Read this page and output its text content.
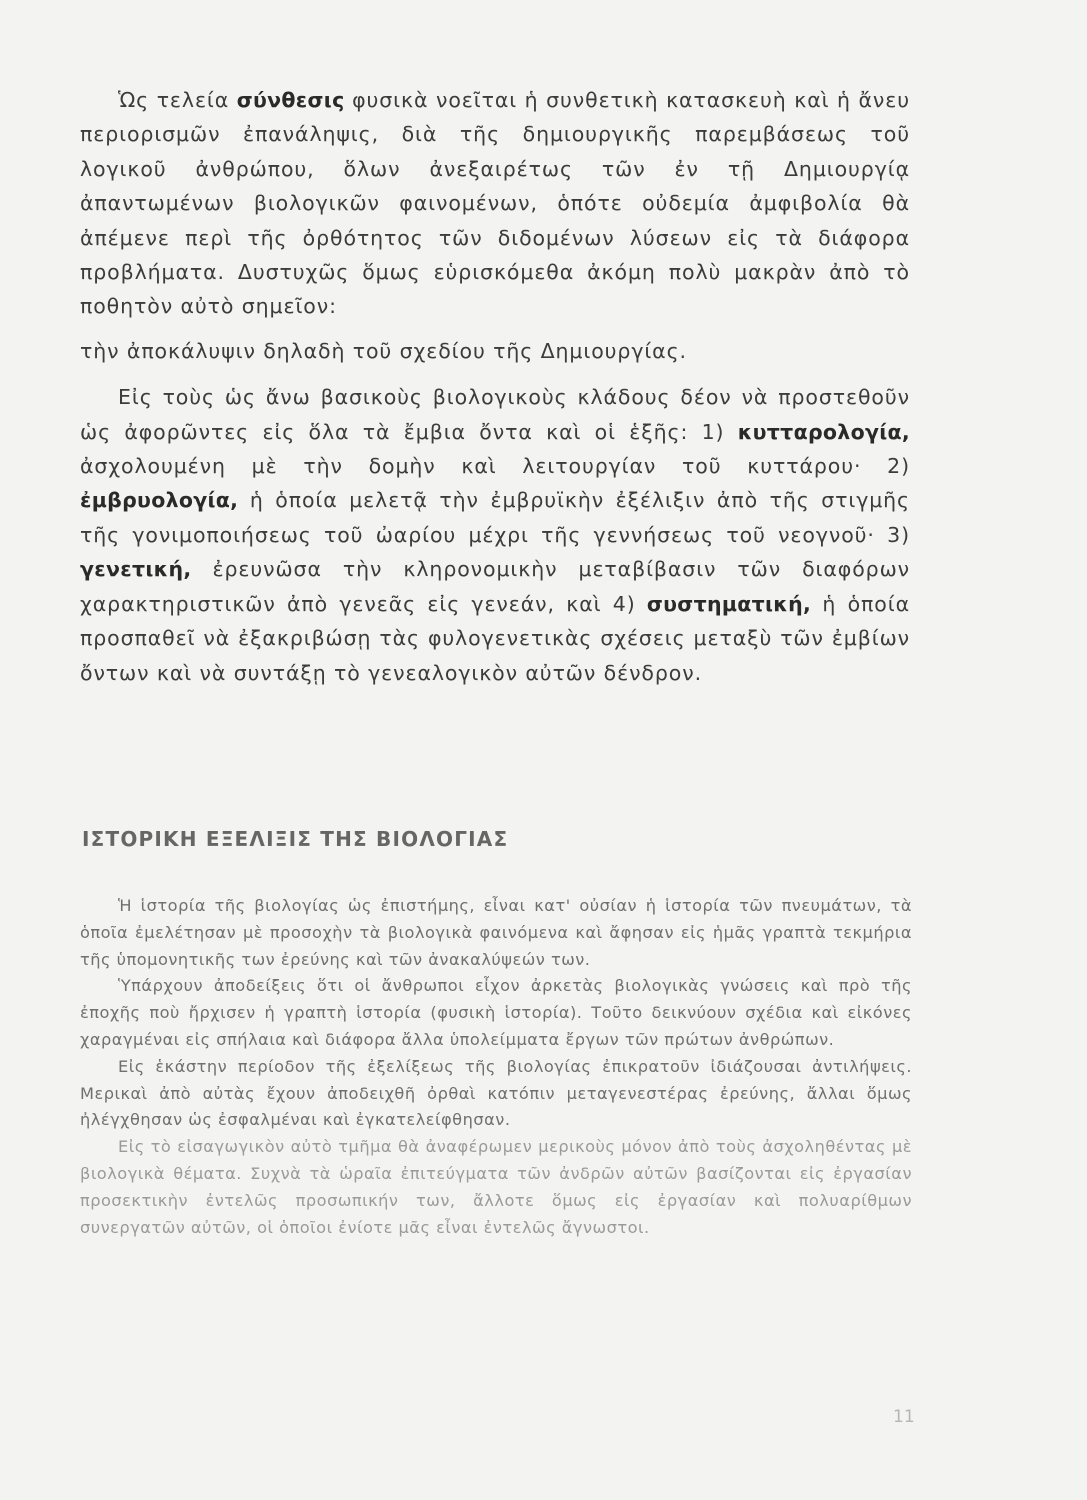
Ὡς τελεία σύνθεσις φυσικὰ νοεῖται ἡ συνθετικὴ κατασκευὴ καὶ ἡ ἄνευ περιορισμῶν ἐπανάληψις, διὰ τῆς δημιουργικῆς παρεμβάσεως τοῦ λογικοῦ ἀνθρώπου, ὅλων ἀνεξαιρέτως τῶν ἐν τῇ Δημιουργίᾳ ἀπαντωμένων βιολογικῶν φαινομένων, ὁπότε οὐδεμία ἀμφιβολία θὰ ἀπέμενε περὶ τῆς ὀρθότητος τῶν διδομένων λύσεων εἰς τὰ διάφορα προβλήματα. Δυστυχῶς ὅμως εὑρισκόμεθα ἀκόμη πολὺ μακρὰν ἀπὸ τὸ ποθητὸν αὐτὸ σημεῖον:

τὴν ἀποκάλυψιν δηλαδὴ τοῦ σχεδίου τῆς Δημιουργίας.

Εἰς τοὺς ὡς ἄνω βασικοὺς βιολογικοὺς κλάδους δέον νὰ προστεθοῦν ὡς ἀφορῶντες εἰς ὅλα τὰ ἔμβια ὄντα καὶ οἱ ἑξῆς: 1) κυτταρολογία, ἀσχολουμένη μὲ τὴν δομὴν καὶ λειτουργίαν τοῦ κυττάρου· 2) ἐμβρυολογία, ἡ ὁποία μελετᾷ τὴν ἐμβρυϊκὴν ἐξέλιξιν ἀπὸ τῆς στιγμῆς τῆς γονιμοποιήσεως τοῦ ὠαρίου μέχρι τῆς γεννήσεως τοῦ νεογνοῦ· 3) γενετική, ἐρευνῶσα τὴν κληρονομικὴν μεταβίβασιν τῶν διαφόρων χαρακτηριστικῶν ἀπὸ γενεᾶς εἰς γενεάν, καὶ 4) συστηματική, ἡ ὁποία προσπαθεῖ νὰ ἐξακριβώσῃ τὰς φυλογενετικὰς σχέσεις μεταξὺ τῶν ἐμβίων ὄντων καὶ νὰ συντάξῃ τὸ γενεαλογικὸν αὐτῶν δένδρον.

ΙΣΤΟΡΙΚΗ ΕΞΕΛΙΞΙΣ ΤΗΣ ΒΙΟΛΟΓΙΑΣ

Ἡ ἱστορία τῆς βιολογίας ὡς ἐπιστήμης, εἶναι κατ' οὐσίαν ἡ ἱστορία τῶν πνευμάτων, τὰ ὁποῖα ἐμελέτησαν μὲ προσοχὴν τὰ βιολογικὰ φαινόμενα καὶ ἄφησαν εἰς ἡμᾶς γραπτὰ τεκμήρια τῆς ὑπομονητικῆς των ἐρεύνης καὶ τῶν ἀνακαλύψεών των.

Ὑπάρχουν ἀποδείξεις ὅτι οἱ ἄνθρωποι εἶχον ἀρκετὰς βιολογικὰς γνώσεις καὶ πρὸ τῆς ἐποχῆς ποὺ ἤρχισεν ἡ γραπτὴ ἱστορία (φυσικὴ ἱστορία). Τοῦτο δεικνύουν σχέδια καὶ εἰκόνες χαραγμέναι εἰς σπήλαια καὶ διάφορα ἄλλα ὑπολείμματα ἔργων τῶν πρώτων ἀνθρώπων.

Εἰς ἑκάστην περίοδον τῆς ἐξελίξεως τῆς βιολογίας ἐπικρατοῦν ἰδιάζουσαι ἀντιλήψεις. Μερικαὶ ἀπὸ αὐτὰς ἔχουν ἀποδειχθῆ ὀρθαὶ κατόπιν μεταγενεστέρας ἐρεύνης, ἄλλαι ὅμως ἠλέγχθησαν ὡς ἐσφαλμέναι καὶ ἐγκατελείφθησαν.

Εἰς τὸ εἰσαγωγικὸν αὐτὸ τμῆμα θὰ ἀναφέρωμεν μερικοὺς μόνον ἀπὸ τοὺς ἀσχοληθέντας μὲ βιολογικὰ θέματα. Συχνὰ τὰ ὡραῖα ἐπιτεύγματα τῶν ἀνδρῶν αὐτῶν βασίζονται εἰς ἐργασίαν προσεκτικὴν ἐντελῶς προσωπικήν των, ἄλλοτε ὅμως εἰς ἐργασίαν καὶ πολυαρίθμων συνεργατῶν αὐτῶν, οἱ ὁποῖοι ἐνίοτε μᾶς εἶναι ἐντελῶς ἄγνωστοι.

11
